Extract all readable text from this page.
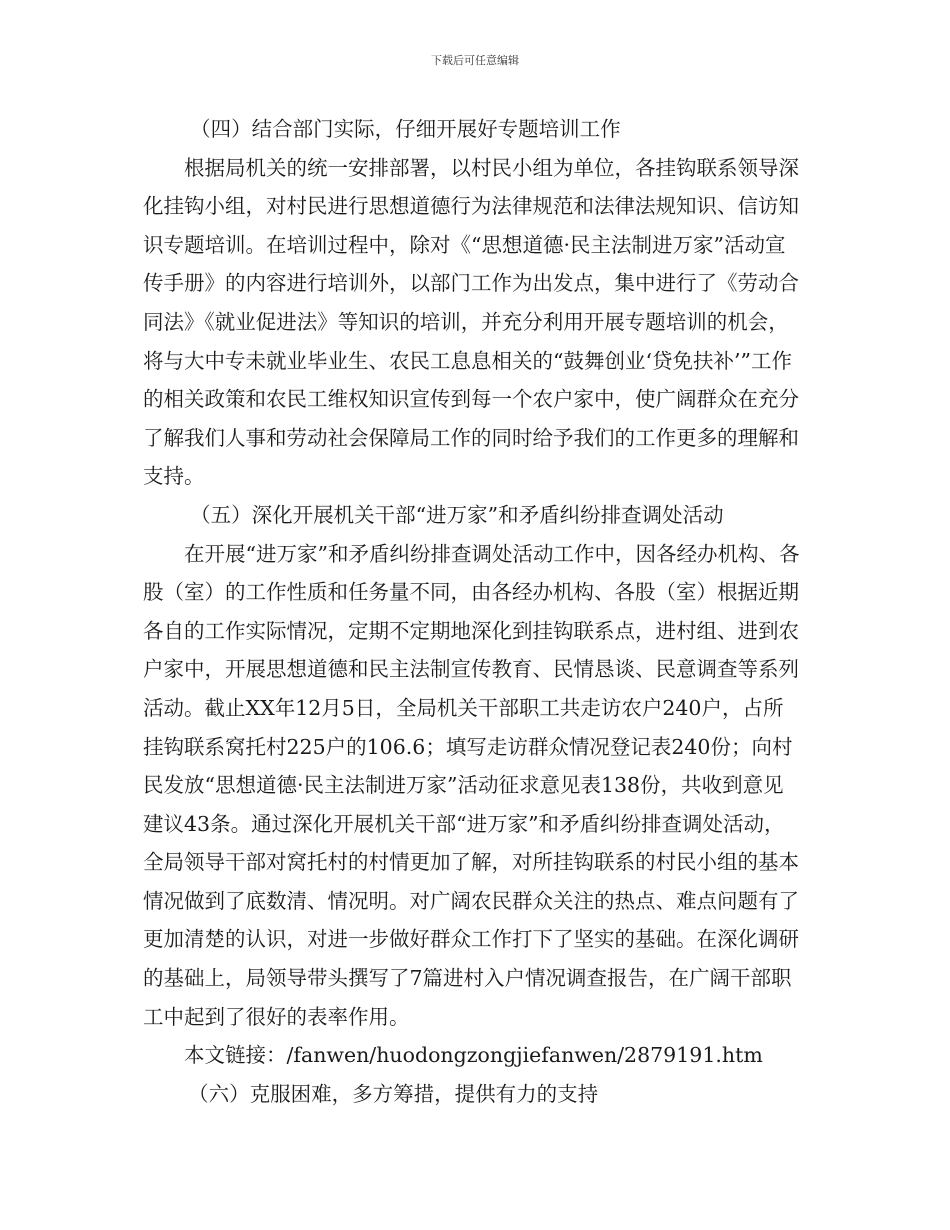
下载后可任意编辑

（四）结合部门实际，仔细开展好专题培训工作

根据局机关的统一安排部署，以村民小组为单位，各挂钩联系领导深化挂钩小组，对村民进行思想道德行为法律规范和法律法规知识、信访知识专题培训。在培训过程中，除对《“思想道德·民主法制进万家”活动宣传手册》的内容进行培训外，以部门工作为出发点，集中进行了《劳动合同法》《就业促进法》等知识的培训，并充分利用开展专题培训的机会，将与大中专未就业毕业生、农民工息息相关的“鼓舞创业‘贷免扶补’”工作的相关政策和农民工维权知识宣传到每一个农户家中，使广阔群众在充分了解我们人事和劳动社会保障局工作的同时给予我们的工作更多的理解和支持。

（五）深化开展机关干部“进万家”和矛盾纠纷排查调处活动

在开展“进万家”和矛盾纠纷排查调处活动工作中，因各经办机构、各股（室）的工作性质和任务量不同，由各经办机构、各股（室）根据近期各自的工作实际情况，定期不定期地深化到挂钩联系点，进村组、进到农户家中，开展思想道德和民主法制宣传教育、民情恳谈、民意调查等系列活动。截止XX年12月5日，全局机关干部职工共走访农户240户，占所挂钩联系窝托村225户的106.6；填写走访群众情况登记表240份；向村民发放“思想道德·民主法制进万家”活动征求意见表138份，共收到意见建议43条。通过深化开展机关干部“进万家”和矛盾纠纷排查调处活动，全局领导干部对窝托村的村情更加了解，对所挂钩联系的村民小组的基本情况做到了底数清、情况明。对广阔农民群众关注的热点、难点问题有了更加清楚的认识，对进一步做好群众工作打下了坚实的基础。在深化调研的基础上，局领导带头撰写了7篇进村入户情况调查报告，在广阔干部职工中起到了很好的表率作用。

本文链接：/fanwen/huodongzongjiefanwen/2879191.htm

（六）克服困难，多方筹措，提供有力的支持
